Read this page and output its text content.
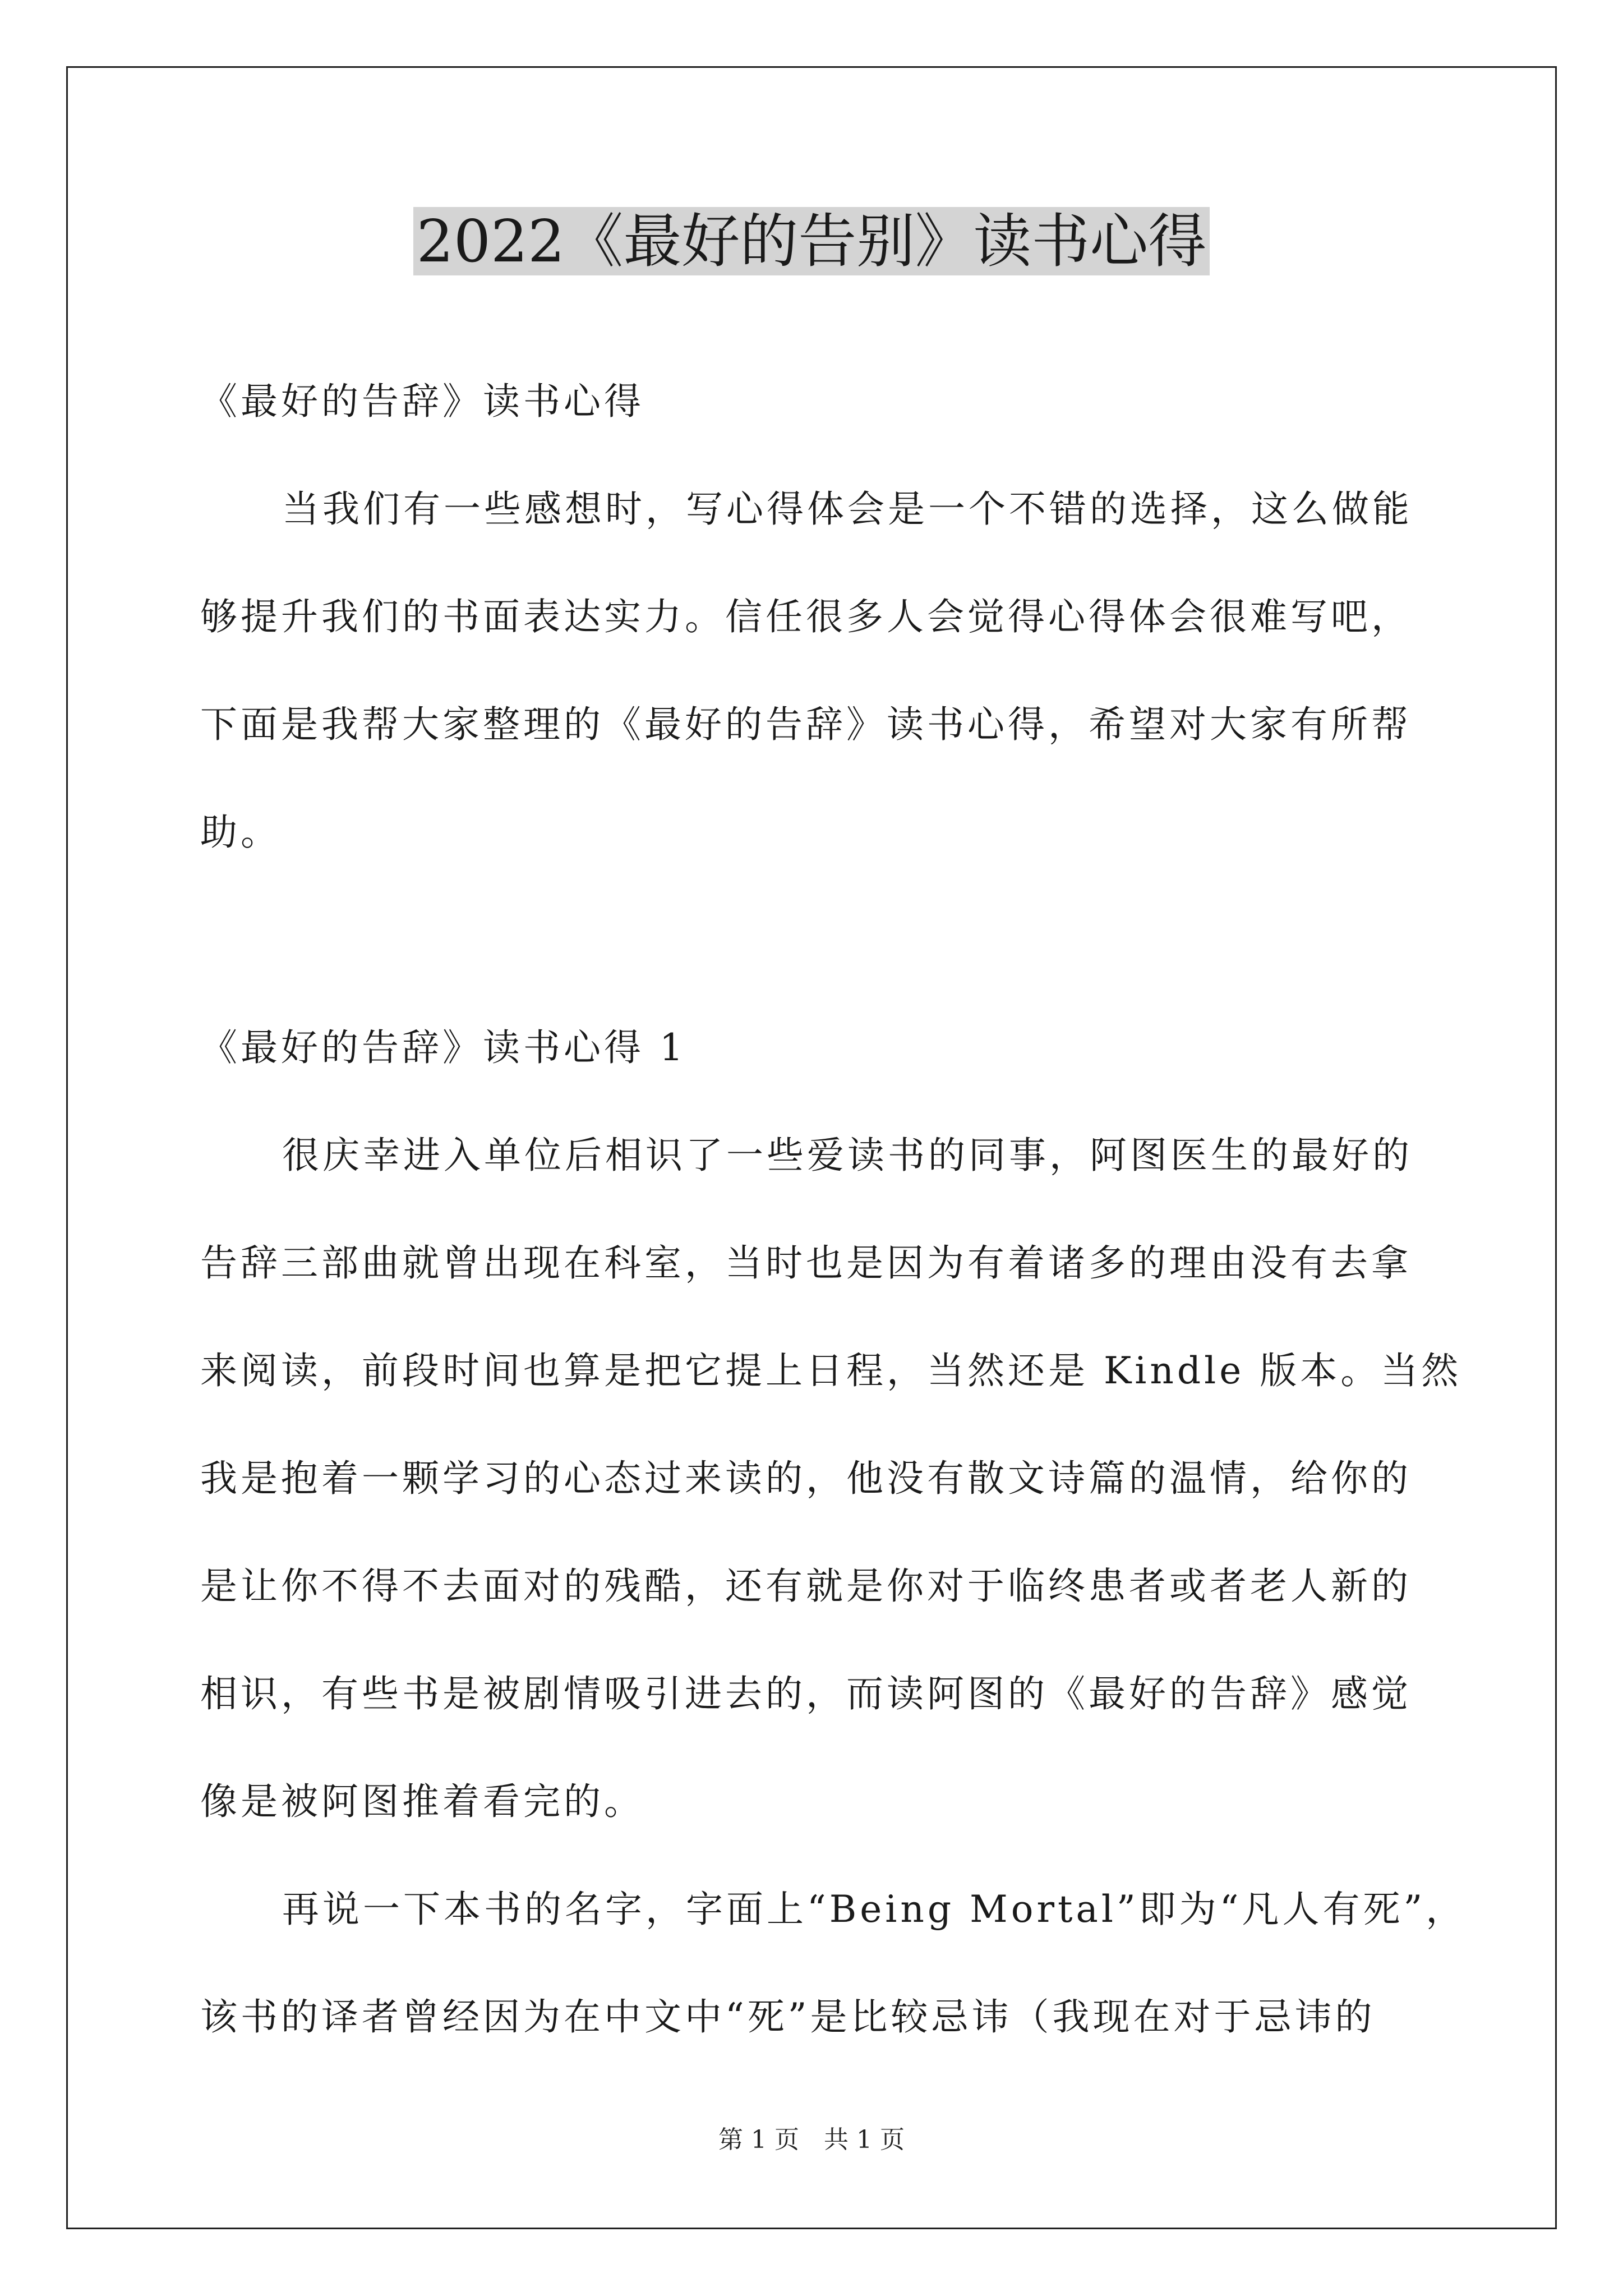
2022《最好的告别》读书心得
《最好的告辞》读书心得
当我们有一些感想时，写心得体会是一个不错的选择，这么做能
够提升我们的书面表达实力。信任很多人会觉得心得体会很难写吧，
下面是我帮大家整理的《最好的告辞》读书心得，希望对大家有所帮
助。
《最好的告辞》读书心得 1
很庆幸进入单位后相识了一些爱读书的同事，阿图医生的最好的
告辞三部曲就曾出现在科室，当时也是因为有着诸多的理由没有去拿
来阅读，前段时间也算是把它提上日程，当然还是 Kindle 版本。当然
我是抱着一颗学习的心态过来读的，他没有散文诗篇的温情，给你的
是让你不得不去面对的残酷，还有就是你对于临终患者或者老人新的
相识，有些书是被剧情吸引进去的，而读阿图的《最好的告辞》感觉
像是被阿图推着看完的。
再说一下本书的名字，字面上“Being Mortal”即为“凡人有死”，
该书的译者曾经因为在中文中“死”是比较忌讳（我现在对于忌讳的
第 1 页　共 1 页
